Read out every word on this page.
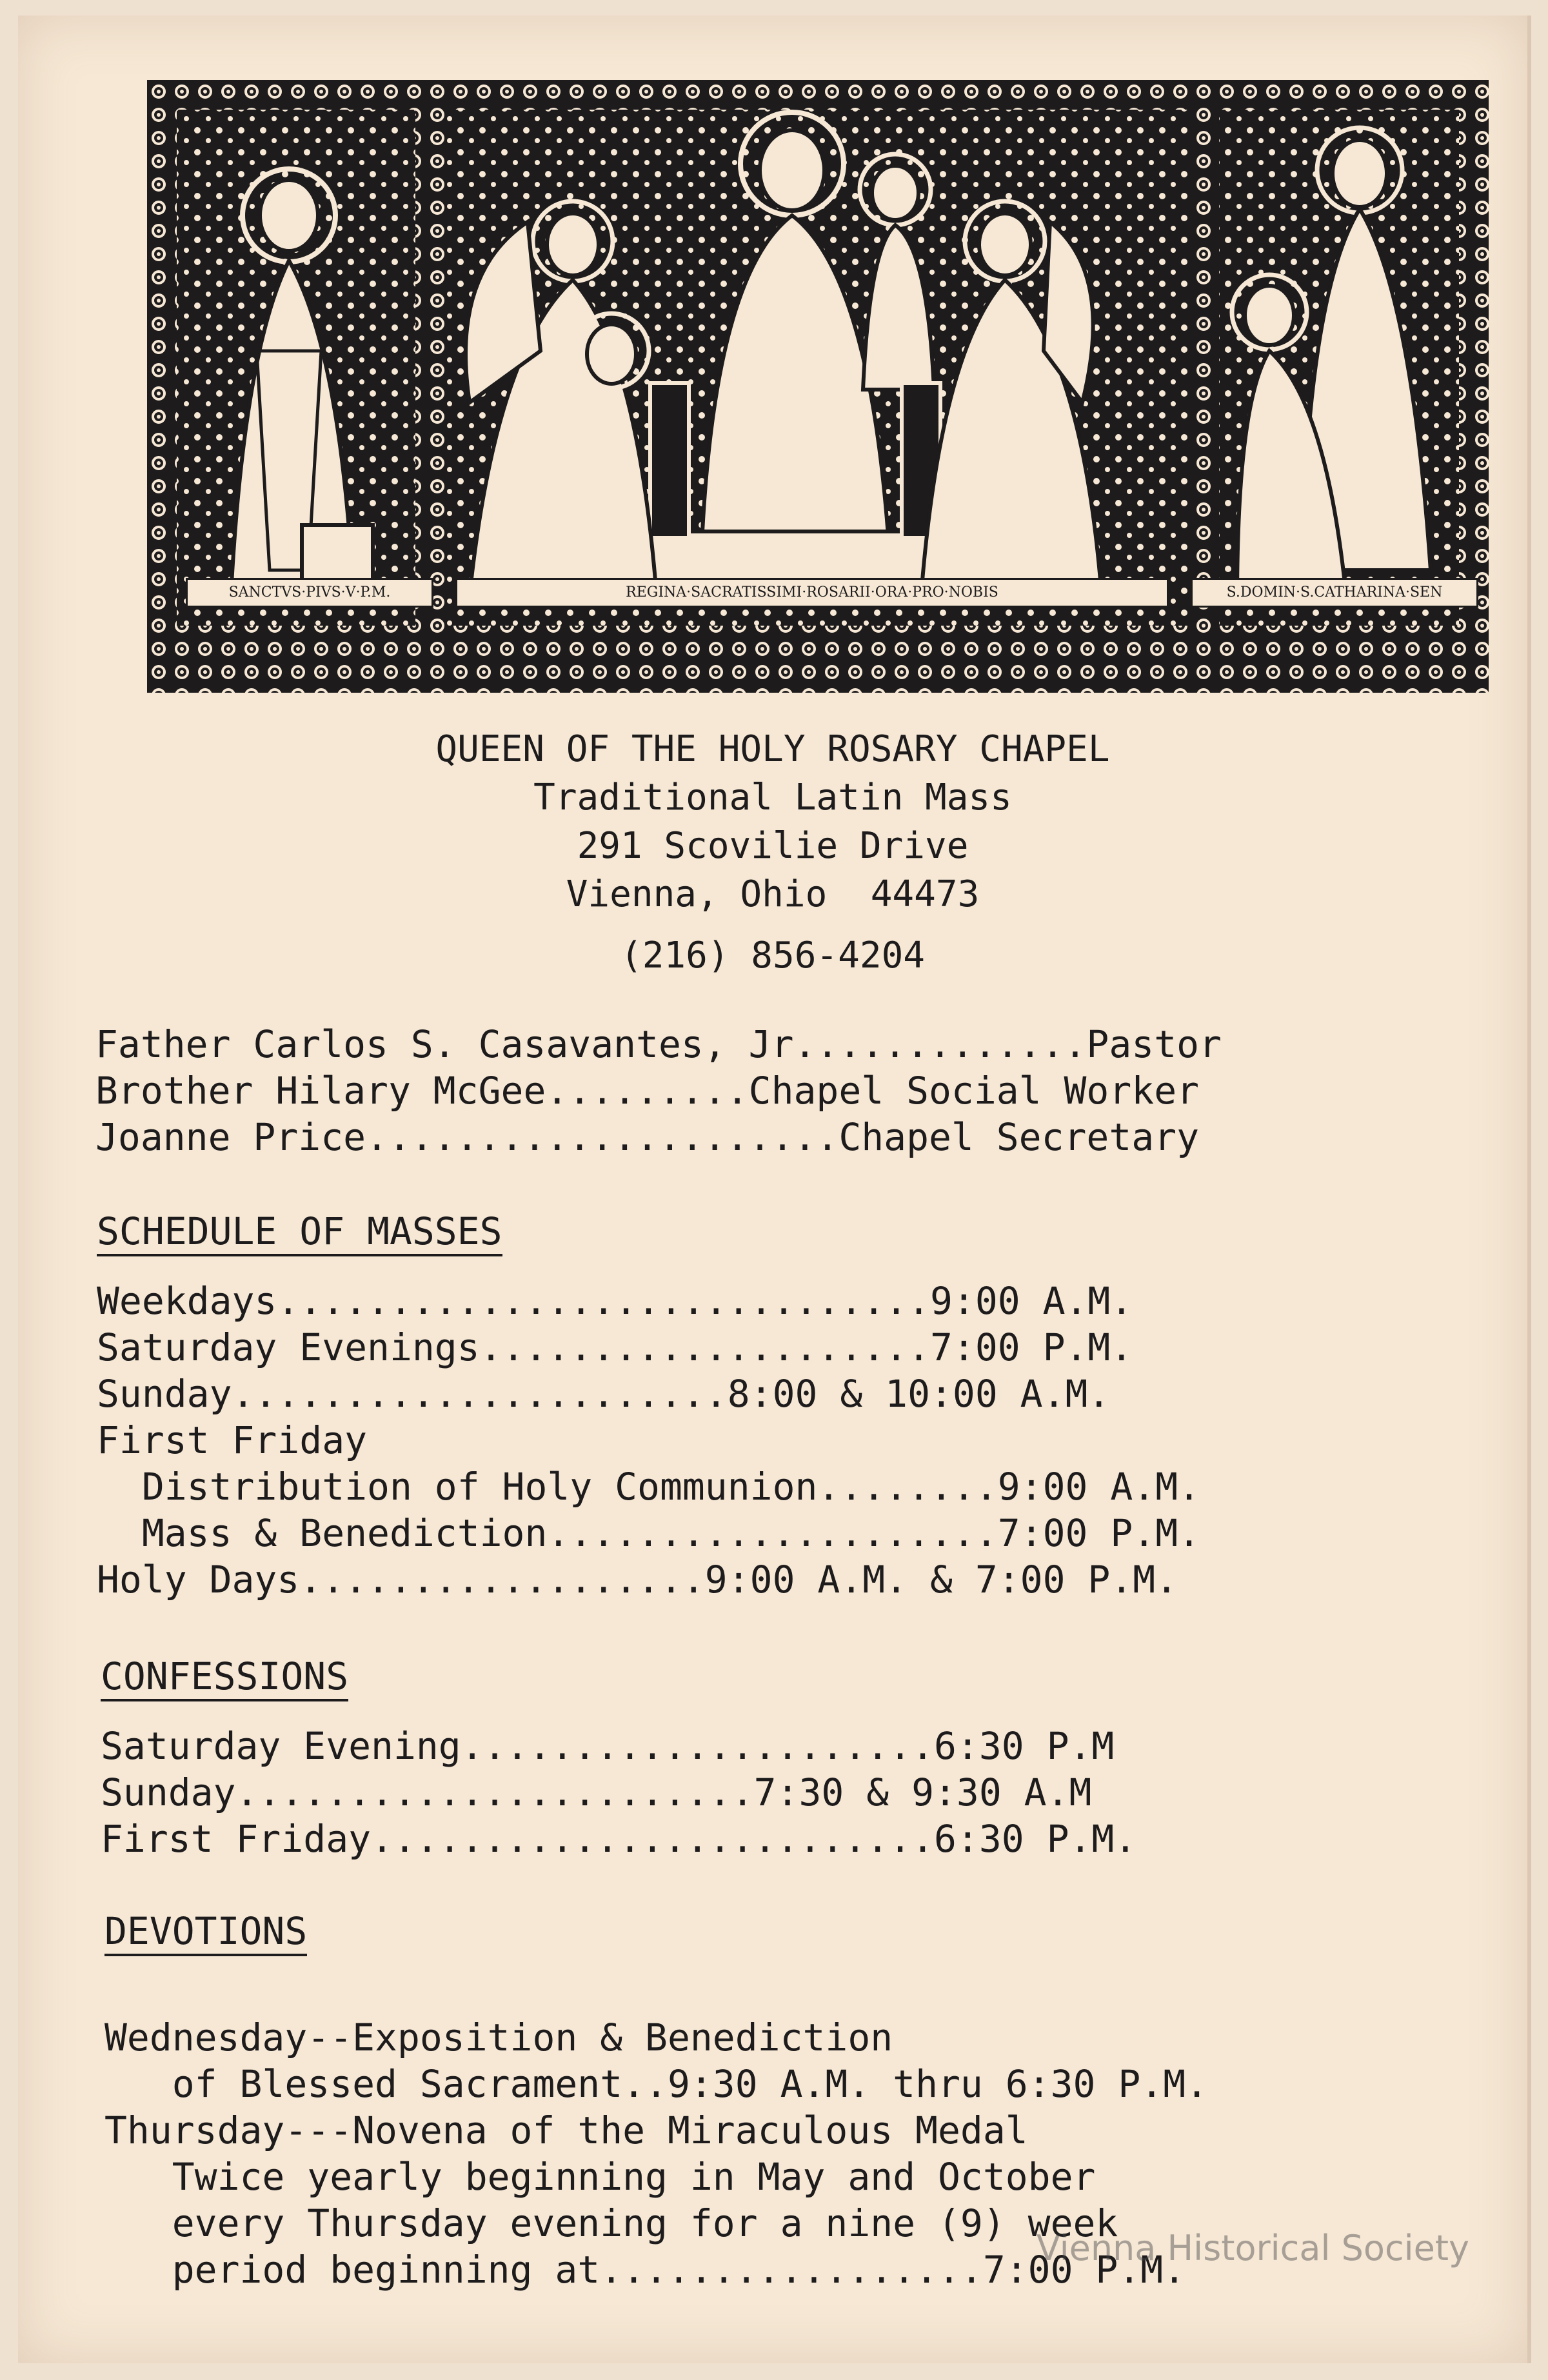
SANCTVS·PIVS·V·P.M.	REGINA·SACRATISSIMI·ROSARII·ORA·PRO·NOBIS	S.DOMIN·S.CATHARINA·SEN
QUEEN OF THE HOLY ROSARY CHAPEL
Traditional Latin Mass
291 Scovilie Drive
Vienna, Ohio  44473
(216) 856-4204
Father Carlos S. Casavantes, Jr.............Pastor
Brother Hilary McGee.........Chapel Social Worker
Joanne Price.....................Chapel Secretary
SCHEDULE OF MASSES
Weekdays.............................9:00 A.M.
Saturday Evenings....................7:00 P.M.
Sunday......................8:00 & 10:00 A.M.
First Friday
Distribution of Holy Communion........9:00 A.M.
Mass & Benediction....................7:00 P.M.
Holy Days..................9:00 A.M. & 7:00 P.M.
CONFESSIONS
Saturday Evening.....................6:30 P.M
Sunday.......................7:30 & 9:30 A.M
First Friday.........................6:30 P.M.
DEVOTIONS
Wednesday--Exposition & Benediction
of Blessed Sacrament..9:30 A.M. thru 6:30 P.M.
Thursday---Novena of the Miraculous Medal
Twice yearly beginning in May and October
every Thursday evening for a nine (9) week
period beginning at.................7:00 P.M.
Vienna Historical Society
